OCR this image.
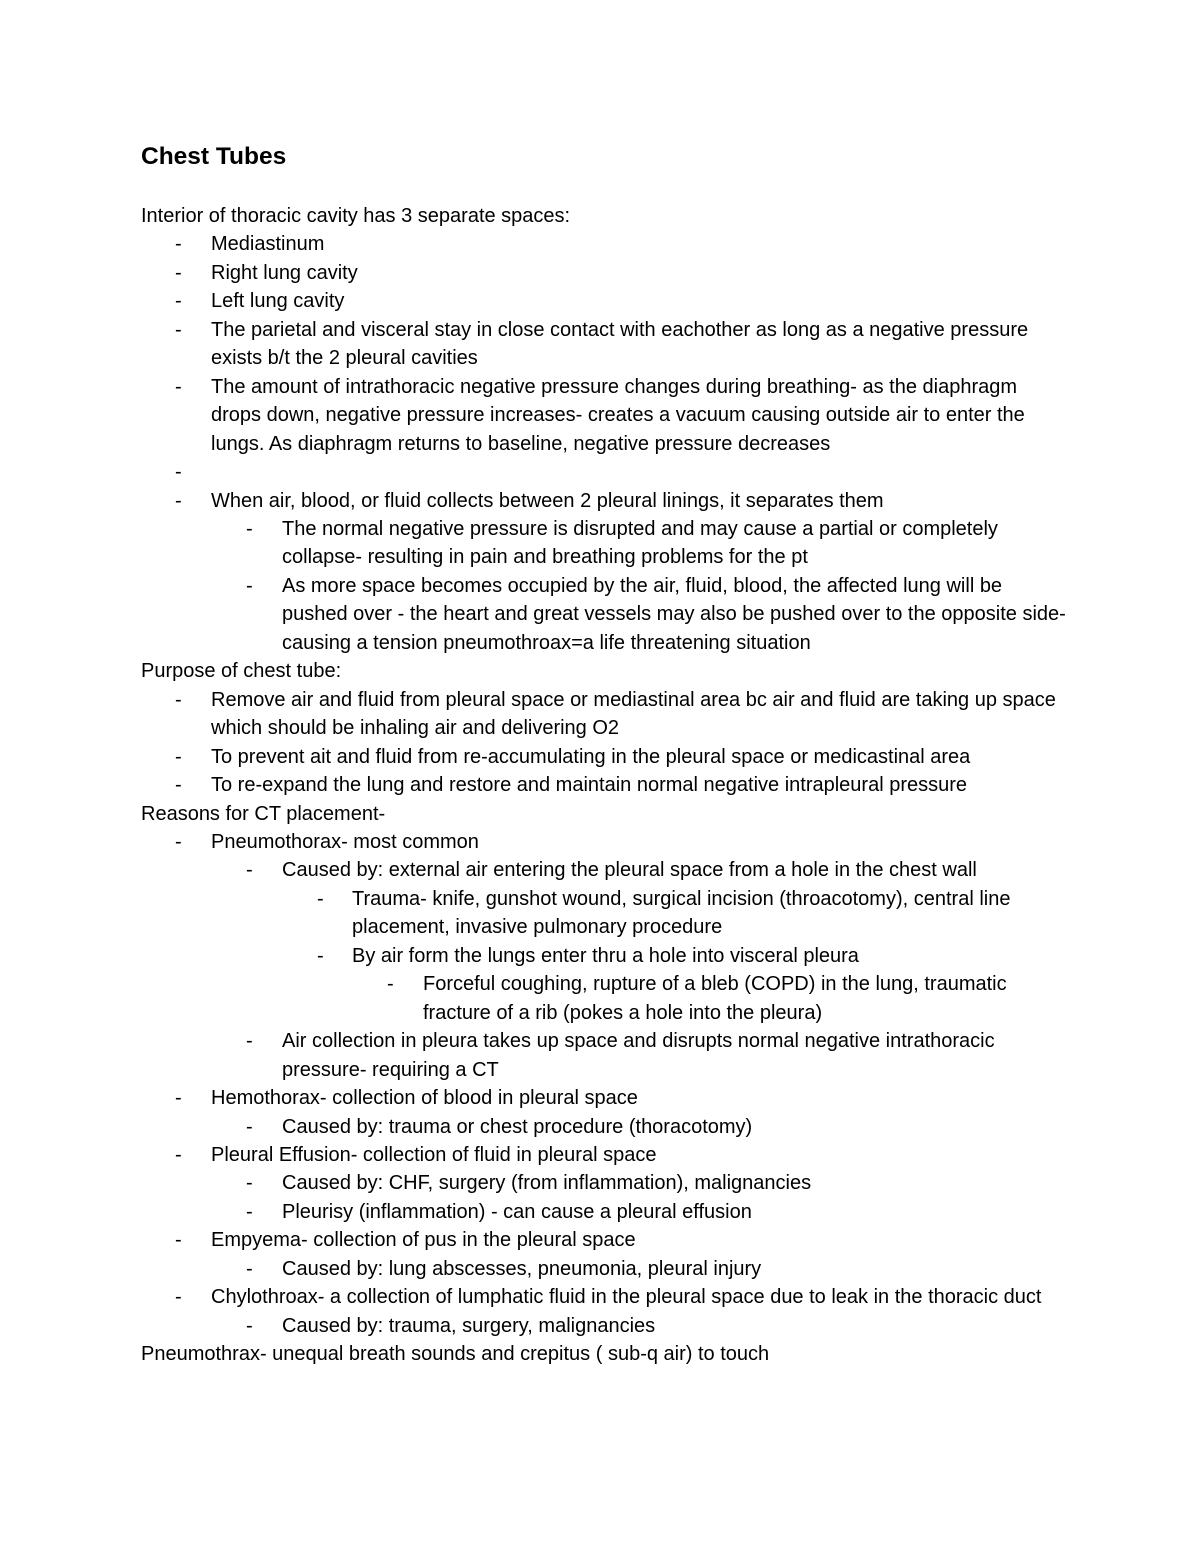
Chest Tubes

Interior of thoracic cavity has 3 separate spaces:

- Mediastinum
- Right lung cavity
- Left lung cavity
- The parietal and visceral stay in close contact with eachother as long as a negative pressure exists b/t the 2 pleural cavities
- The amount of intrathoracic negative pressure changes during breathing- as the diaphragm drops down, negative pressure increases- creates a vacuum causing outside air to enter the lungs. As diaphragm returns to baseline, negative pressure decreases
-

- When air, blood, or fluid collects between 2 pleural linings, it separates them
- The normal negative pressure is disrupted and may cause a partial or completely collapse- resulting in pain and breathing problems for the pt
- As more space becomes occupied by the air, fluid, blood, the affected lung will be pushed over - the heart and great vessels may also be pushed over to the opposite side- causing a tension pneumothroax=a life threatening situation

Purpose of chest tube:

- Remove air and fluid from pleural space or mediastinal area bc air and fluid are taking up space which should be inhaling air and delivering O2
- To prevent ait and fluid from re-accumulating in the pleural space or medicastinal area
- To re-expand the lung and restore and maintain normal negative intrapleural pressure

Reasons for CT placement-

- Pneumothorax- most common
- Caused by: external air entering the pleural space from a hole in the chest wall
- Trauma- knife, gunshot wound, surgical incision (throacotomy), central line placement, invasive pulmonary procedure
- By air form the lungs enter thru a hole into visceral pleura
- Forceful coughing, rupture of a bleb (COPD) in the lung, traumatic fracture of a rib (pokes a hole into the pleura)
- Air collection in pleura takes up space and disrupts normal negative intrathoracic pressure- requiring a CT
- Hemothorax- collection of blood in pleural space
- Caused by: trauma or chest procedure (thoracotomy)
- Pleural Effusion- collection of fluid in pleural space
- Caused by: CHF, surgery (from inflammation), malignancies
- Pleurisy (inflammation) - can cause a pleural effusion
- Empyema- collection of pus in the pleural space
- Caused by: lung abscesses, pneumonia, pleural injury
- Chylothroax- a collection of lumphatic fluid in the pleural space due to leak in the thoracic duct
- Caused by: trauma, surgery, malignancies

Pneumothrax- unequal breath sounds and crepitus ( sub-q air) to touch
